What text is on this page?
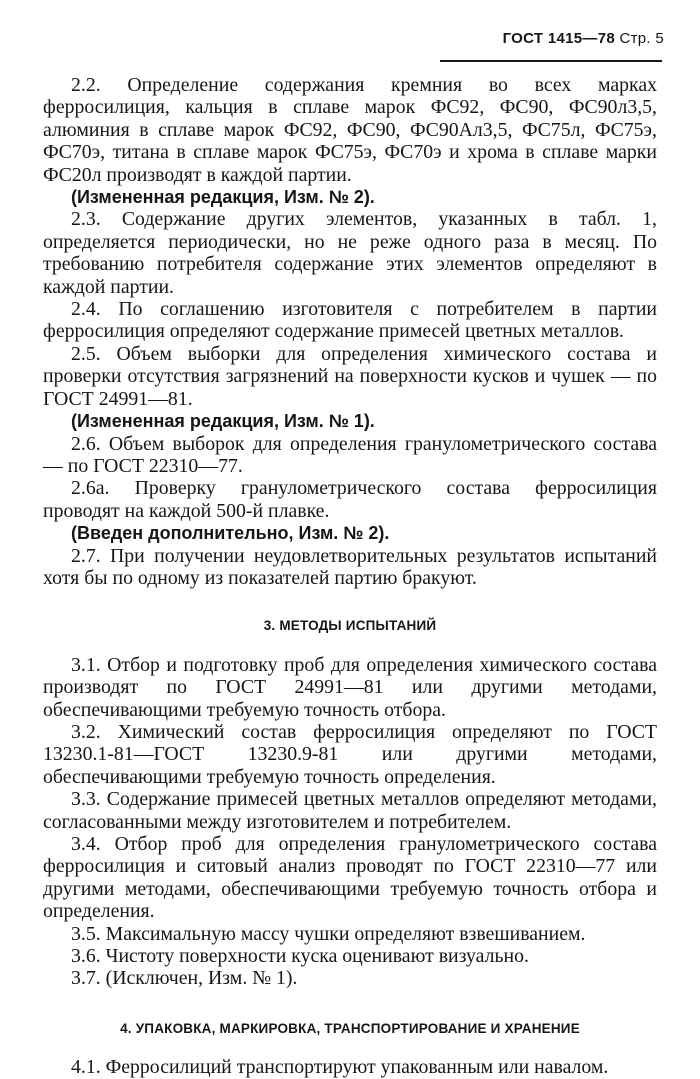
ГОСТ 1415—78 Стр. 5

2.2. Определение содержания кремния во всех марках ферросилиция, кальция в сплаве марок ФС92, ФС90, ФС90л3,5, алюминия в сплаве марок ФС92, ФС90, ФС90Ал3,5, ФС75л, ФС75э, ФС70э, титана в сплаве марок ФС75э, ФС70э и хрома в сплаве марки ФС20л производят в каждой партии.

(Измененная редакция, Изм. № 2).

2.3. Содержание других элементов, указанных в табл. 1, определяется периодически, но не реже одного раза в месяц. По требованию потребителя содержание этих элементов определяют в каждой партии.

2.4. По соглашению изготовителя с потребителем в партии ферросилиция определяют содержание примесей цветных металлов.

2.5. Объем выборки для определения химического состава и проверки отсутствия загрязнений на поверхности кусков и чушек — по ГОСТ 24991—81.

(Измененная редакция, Изм. № 1).

2.6. Объем выборок для определения гранулометрического состава — по ГОСТ 22310—77.

2.6а. Проверку гранулометрического состава ферросилиция проводят на каждой 500-й плавке.

(Введен дополнительно, Изм. № 2).

2.7. При получении неудовлетворительных результатов испытаний хотя бы по одному из показателей партию бракуют.

3. МЕТОДЫ ИСПЫТАНИЙ

3.1. Отбор и подготовку проб для определения химического состава производят по ГОСТ 24991—81 или другими методами, обеспечивающими требуемую точность отбора.

3.2. Химический состав ферросилиция определяют по ГОСТ 13230.1-81—ГОСТ 13230.9-81 или другими методами, обеспечивающими требуемую точность определения.

3.3. Содержание примесей цветных металлов определяют методами, согласованными между изготовителем и потребителем.

3.4. Отбор проб для определения гранулометрического состава ферросилиция и ситовый анализ проводят по ГОСТ 22310—77 или другими методами, обеспечивающими требуемую точность отбора и определения.

3.5. Максимальную массу чушки определяют взвешиванием.

3.6. Чистоту поверхности куска оценивают визуально.

3.7. (Исключен, Изм. № 1).

4. УПАКОВКА, МАРКИРОВКА, ТРАНСПОРТИРОВАНИЕ И ХРАНЕНИЕ

4.1. Ферросилиций транспортируют упакованным или навалом.
